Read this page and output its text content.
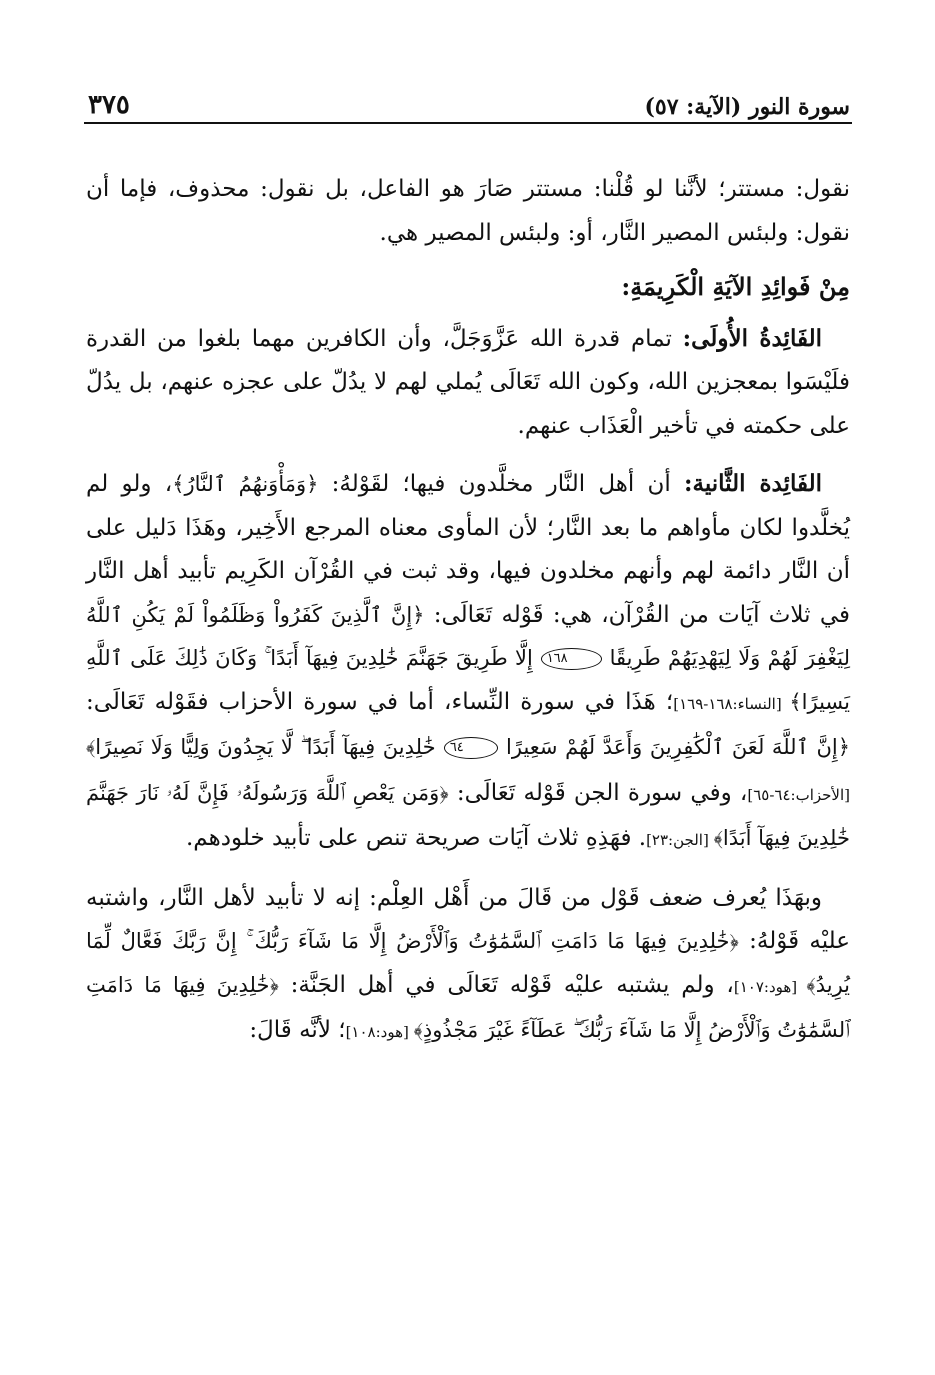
سورة النور (الآية: ٥٧)
٣٧٥

نقول: مستتر؛ لأنَّنا لو قُلْنا: مستتر صَارَ هو الفاعل، بل نقول: محذوف، فإما أن نقول: ولبئس المصير النَّار، أو: ولبئس المصير هي.

مِنْ فَوائِدِ الآيَةِ الْكَرِيمَةِ:

الفَائِدةُ الأُولَى: تمام قدرة الله عَزَّوَجَلَّ، وأن الكافرين مهما بلغوا من القدرة فلَيْسَوا بمعجزين الله، وكون الله تَعَالَى يُملي لهم لا يدُلّ على عجزه عنهم، بل يدُلّ على حكمته في تأخير الْعَذَاب عنهم.

الفَائِدة الثَّانية: أن أهل النَّار مخلَّدون فيها؛ لقَوْلهُ: ﴿وَمَأْوَنهُمُ ٱلنَّارُ﴾، ولو لم يُخلَّدوا لكان مأواهم ما بعد النَّار؛ لأن المأوى معناه المرجع الأَخِير، وهَذَا دَليل على أن النَّار دائمة لهم وأنهم مخلدون فيها، وقد ثبت في القُرْآن الكَرِيم تأبيد أهل النَّار في ثلاث آيَات من القُرْآن، هي: قَوْله تَعَالَى: ﴿إِنَّ ٱلَّذِينَ كَفَرُواْ وَظَلَمُواْ لَمْ يَكُنِ ٱللَّهُ لِيَغْفِرَ لَهُمْ وَلَا لِيَهْدِيَهُمْ طَرِيقًا ١٦٨ إِلَّا طَرِيقَ جَهَنَّمَ خَٰلِدِينَ فِيهَآ أَبَدًا ۚ وَكَانَ ذَٰلِكَ عَلَى ٱللَّهِ يَسِيرًا﴾ [النساء:١٦٨-١٦٩]؛ هَذَا في سورة النِّساء، أما في سورة الأحزاب فقَوْله تَعَالَى: ﴿إِنَّ ٱللَّهَ لَعَنَ ٱلْكَٰفِرِينَ وَأَعَدَّ لَهُمْ سَعِيرًا ٦٤ خَٰلِدِينَ فِيهَآ أَبَدًا ۖ لَّا يَجِدُونَ وَلِيًّا وَلَا نَصِيرًا﴾ [الأحزاب:٦٤-٦٥]، وفي سورة الجن قَوْله تَعَالَى: ﴿وَمَن يَعْصِ ٱللَّهَ وَرَسُولَهُۥ فَإِنَّ لَهُۥ نَارَ جَهَنَّمَ خَٰلِدِينَ فِيهَآ أَبَدًا﴾ [الجن:٢٣]. فهَذِهِ ثلاث آيَات صريحة تنص على تأبيد خلودهم.

وبهَذَا يُعرف ضعف قَوْل من قَالَ من أَهْل العِلْم: إنه لا تأبيد لأهل النَّار، واشتبه عليْه قَوْلهُ: ﴿خَٰلِدِينَ فِيهَا مَا دَامَتِ ٱلسَّمَٰوَٰتُ وَٱلْأَرْضُ إِلَّا مَا شَآءَ رَبُّكَ ۚ إِنَّ رَبَّكَ فَعَّالٌ لِّمَا يُرِيدُ﴾ [هود:١٠٧]، ولم يشتبه عليْه قَوْله تَعَالَى في أهل الجَنَّة: ﴿خَٰلِدِينَ فِيهَا مَا دَامَتِ ٱلسَّمَٰوَٰتُ وَٱلْأَرْضُ إِلَّا مَا شَآءَ رَبُّكَ ۖ عَطَآءً غَيْرَ مَجْذُوذٍ﴾ [هود:١٠٨]؛ لأنَّه قَالَ:
